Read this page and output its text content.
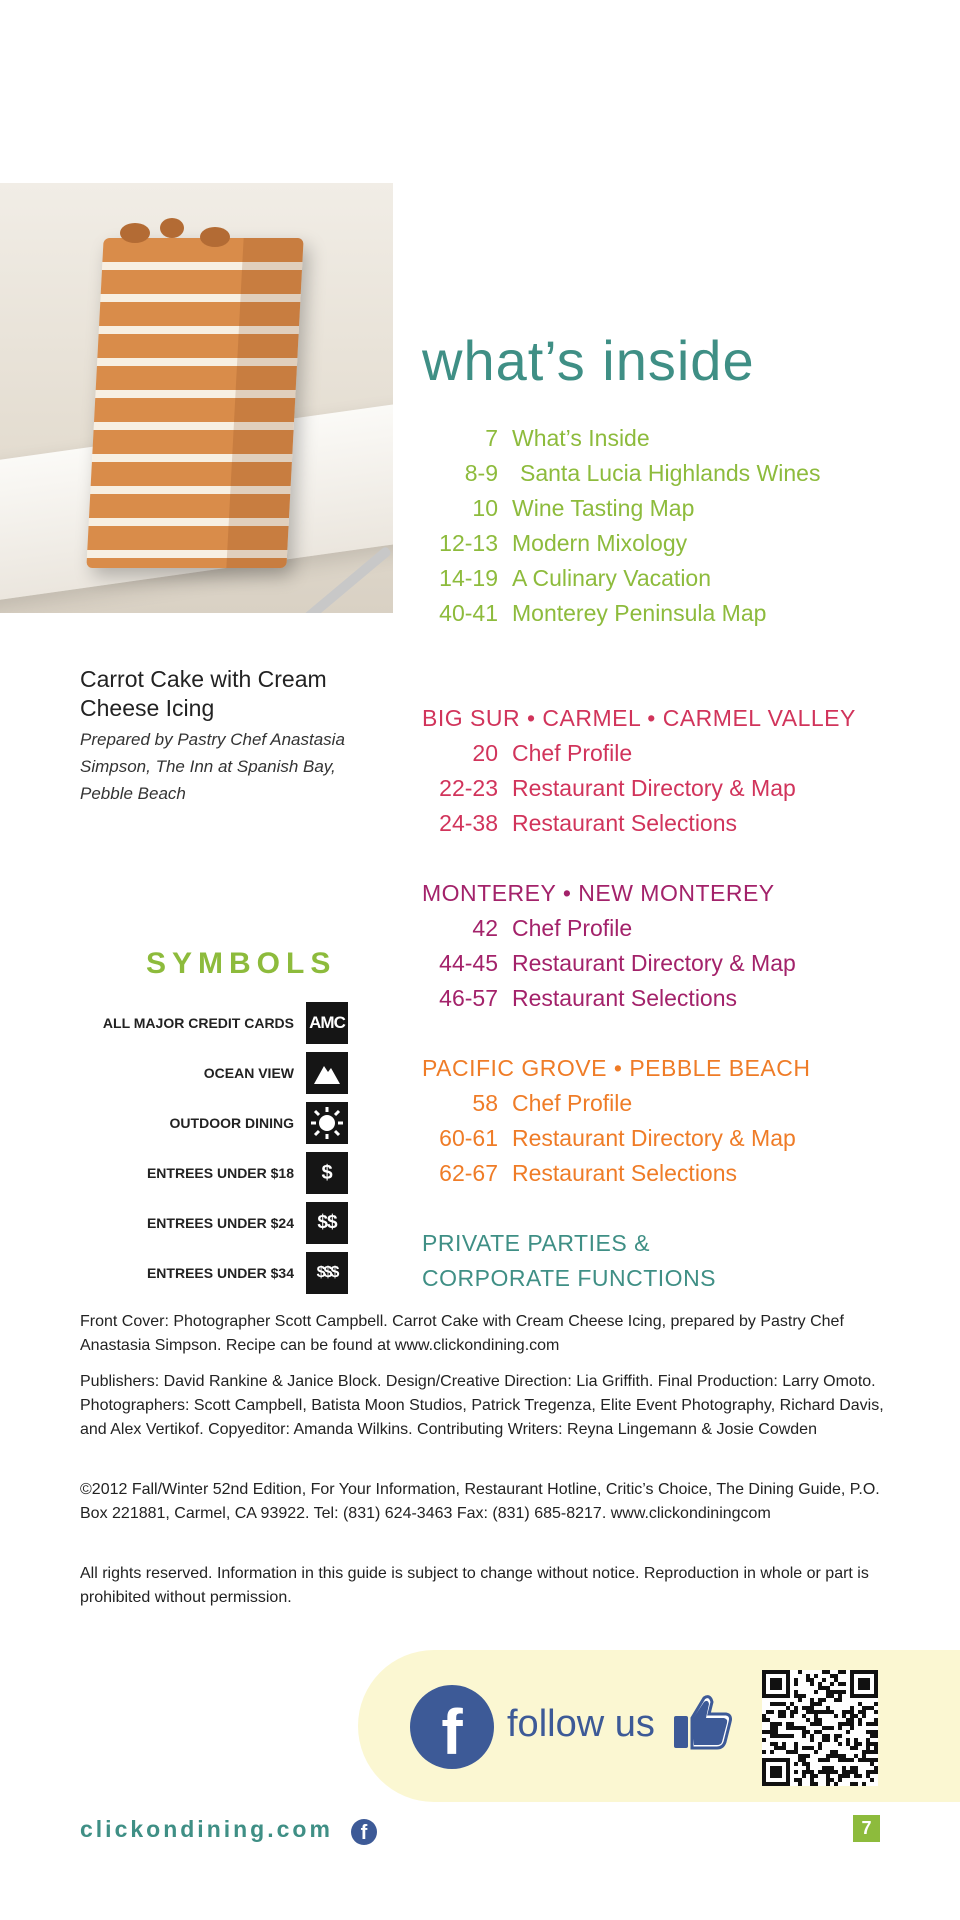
what’s inside
7 What’s Inside
8-9 Santa Lucia Highlands Wines
10 Wine Tasting Map
12-13 Modern Mixology
14-19 A Culinary Vacation
40-41 Monterey Peninsula Map
BIG SUR • CARMEL • CARMEL VALLEY
20 Chef Profile
22-23 Restaurant Directory & Map
24-38 Restaurant Selections
MONTEREY • NEW MONTEREY
42 Chef Profile
44-45 Restaurant Directory & Map
46-57 Restaurant Selections
PACIFIC GROVE • PEBBLE BEACH
58 Chef Profile
60-61 Restaurant Directory & Map
62-67 Restaurant Selections
PRIVATE PARTIES &
CORPORATE FUNCTIONS
Carrot Cake with Cream Cheese Icing
Prepared by Pastry Chef Anastasia Simpson, The Inn at Spanish Bay, Pebble Beach
SYMBOLS
ALL MAJOR CREDIT CARDS AMC
OCEAN VIEW
OUTDOOR DINING
ENTREES UNDER $18	$
ENTREES UNDER $24	$$
ENTREES UNDER $34	$$$
Front Cover: Photographer Scott Campbell. Carrot Cake with Cream Cheese Icing, prepared by Pastry Chef Anastasia Simpson. Recipe can be found at www.clickondining.com
Publishers: David Rankine & Janice Block. Design/Creative Direction: Lia Griffith. Final Production: Larry Omoto. Photographers: Scott Campbell, Batista Moon Studios, Patrick Tregenza, Elite Event Photography, Richard Davis, and Alex Vertikof. Copyeditor: Amanda Wilkins. Contributing Writers: Reyna Lingemann & Josie Cowden
©2012 Fall/Winter 52nd Edition, For Your Information, Restaurant Hotline, Critic’s Choice, The Dining Guide, P.O. Box 221881, Carmel, CA 93922. Tel: (831) 624-3463 Fax: (831) 685-8217. www.clickondiningcom
All rights reserved. Information in this guide is subject to change without notice. Reproduction in whole or part is prohibited without permission.
f follow us
clickondining.com f	7
